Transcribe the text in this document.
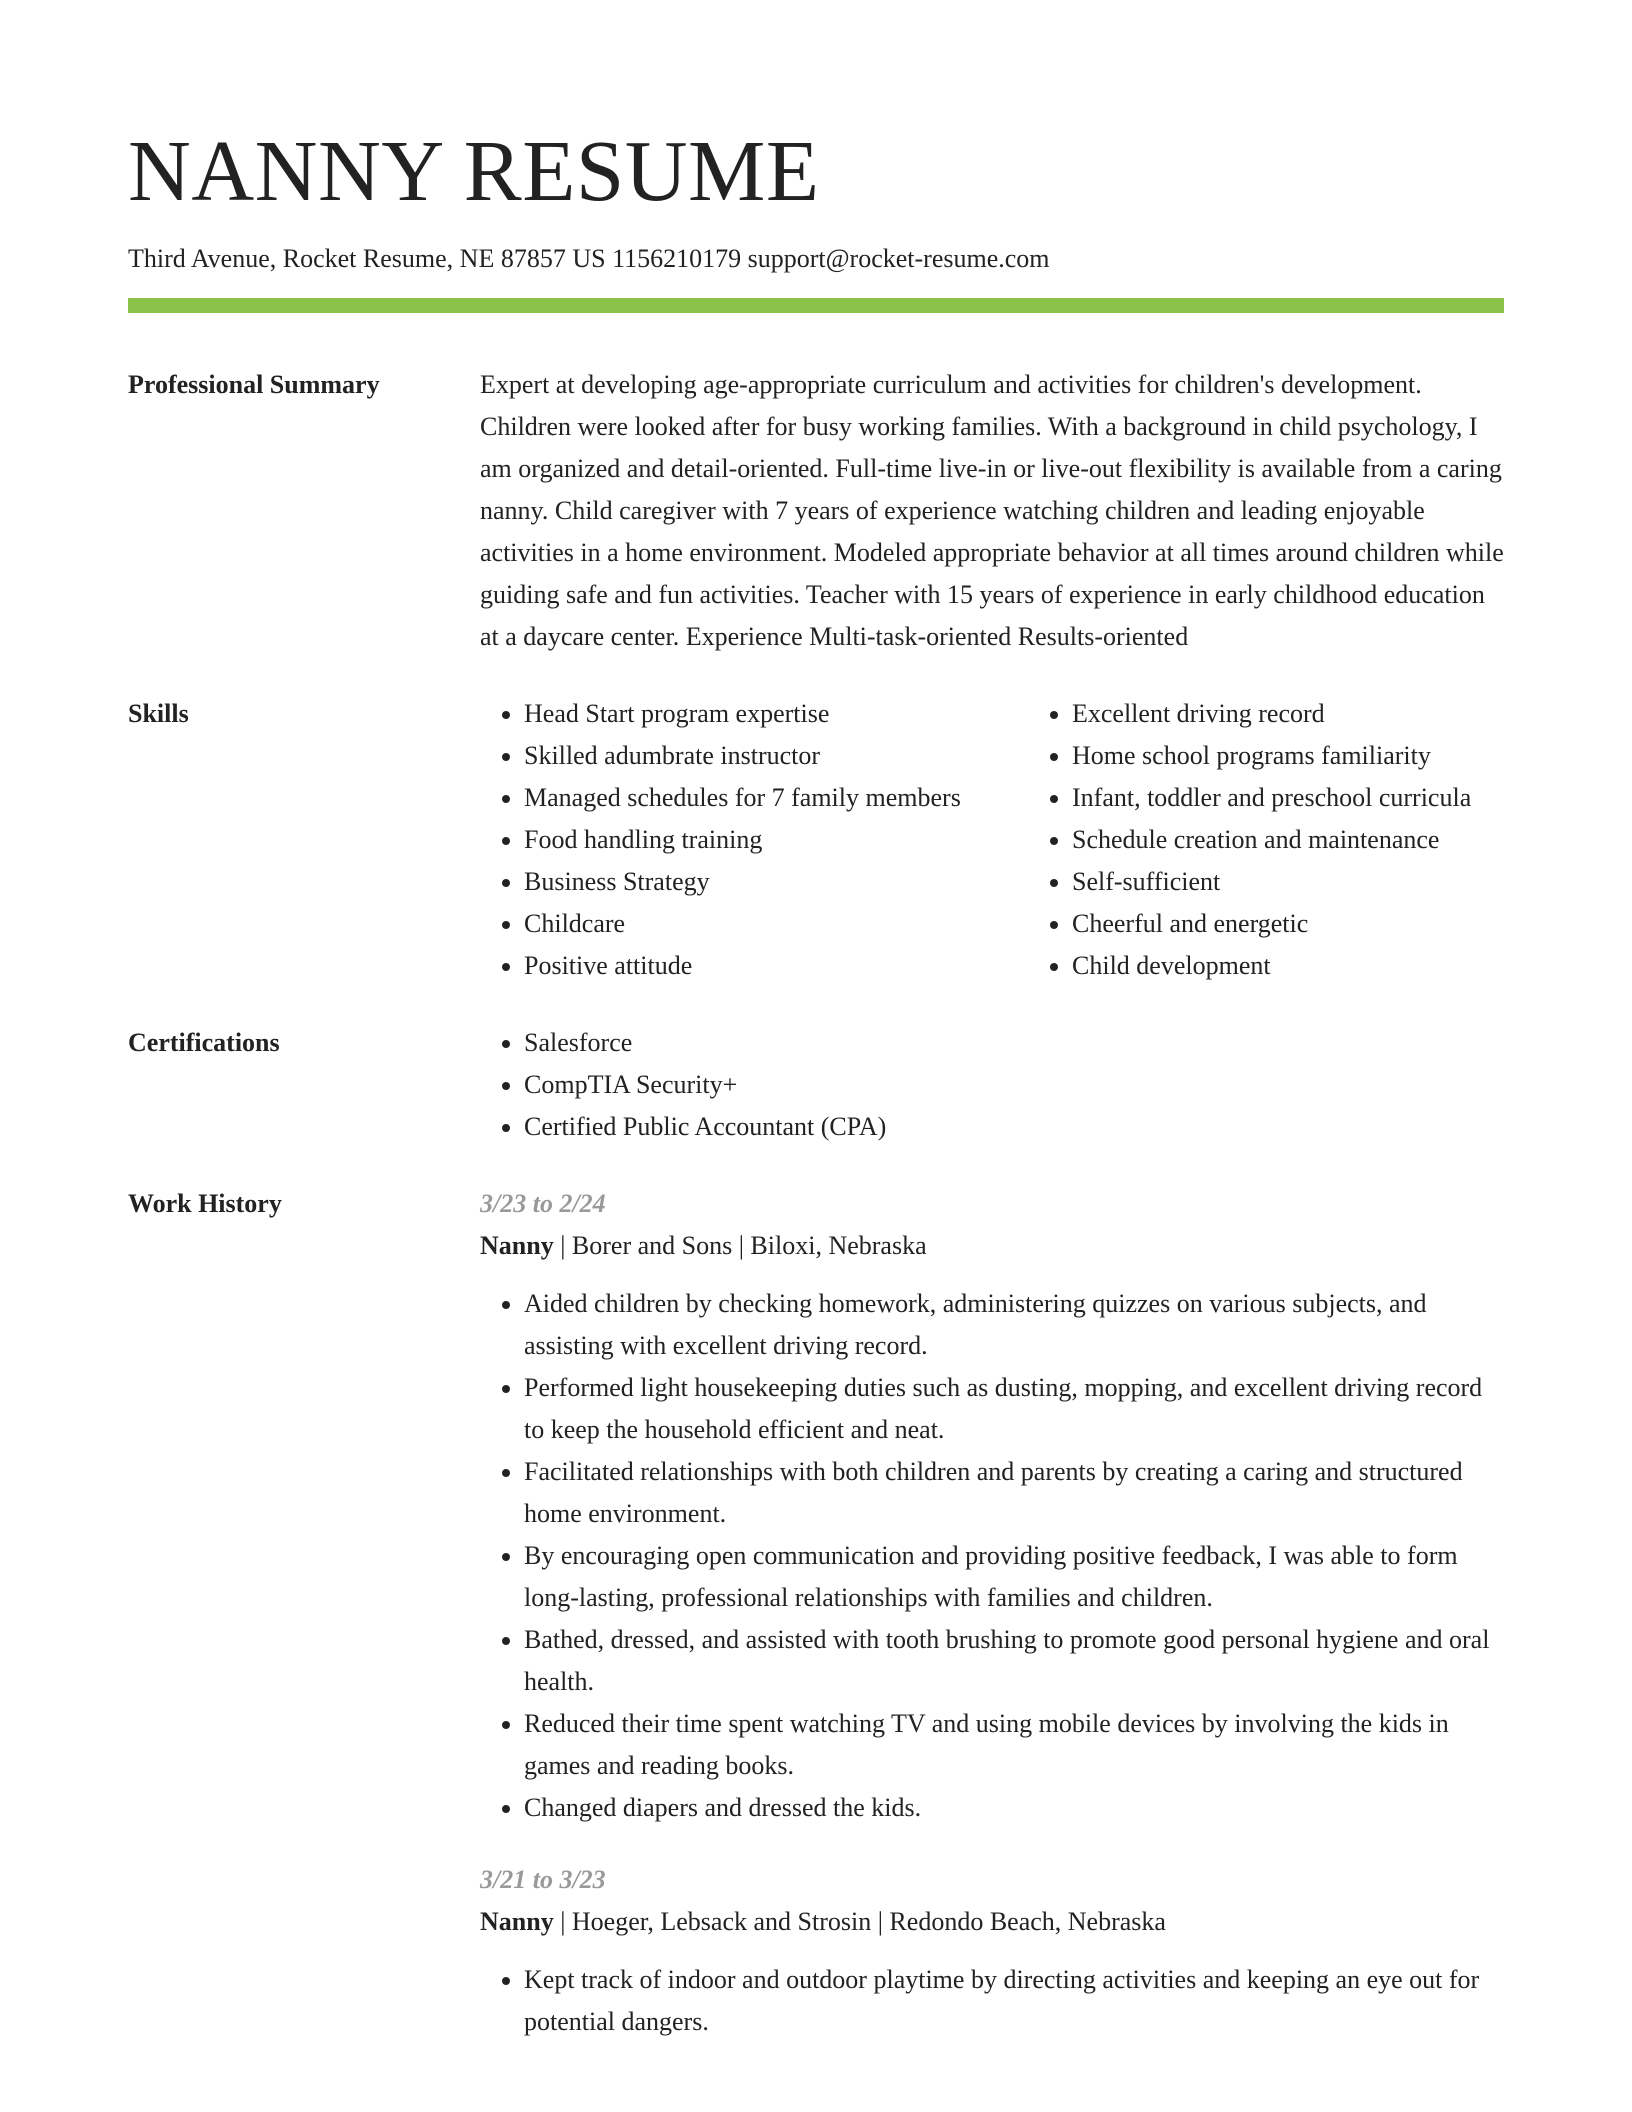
NANNY RESUME
Third Avenue, Rocket Resume, NE 87857 US 1156210179 support@rocket-resume.com
Professional Summary	Expert at developing age-appropriate curriculum and activities for children's development. Children were looked after for busy working families. With a background in child psychology, I am organized and detail-oriented. Full-time live-in or live-out flexibility is available from a caring nanny. Child caregiver with 7 years of experience watching children and leading enjoyable activities in a home environment. Modeled appropriate behavior at all times around children while guiding safe and fun activities. Teacher with 15 years of experience in early childhood education at a daycare center. Experience Multi-task-oriented Results-oriented

Skills	• Head Start program expertise
• Skilled adumbrate instructor
• Managed schedules for 7 family members
• Food handling training
• Business Strategy
• Childcare
• Positive attitude
• Excellent driving record
• Home school programs familiarity
• Infant, toddler and preschool curricula
• Schedule creation and maintenance
• Self-sufficient
• Cheerful and energetic
• Child development
Certifications	• Salesforce
• CompTIA Security+
• Certified Public Accountant (CPA)
Work History	3/23 to 2/24
Nanny | Borer and Sons | Biloxi, Nebraska
• Aided children by checking homework, administering quizzes on various subjects, and assisting with excellent driving record.
• Performed light housekeeping duties such as dusting, mopping, and excellent driving record to keep the household efficient and neat.
• Facilitated relationships with both children and parents by creating a caring and structured home environment.
• By encouraging open communication and providing positive feedback, I was able to form long-lasting, professional relationships with families and children.
• Bathed, dressed, and assisted with tooth brushing to promote good personal hygiene and oral health.
• Reduced their time spent watching TV and using mobile devices by involving the kids in games and reading books.
• Changed diapers and dressed the kids.
3/21 to 3/23
Nanny | Hoeger, Lebsack and Strosin | Redondo Beach, Nebraska
• Kept track of indoor and outdoor playtime by directing activities and keeping an eye out for potential dangers.
